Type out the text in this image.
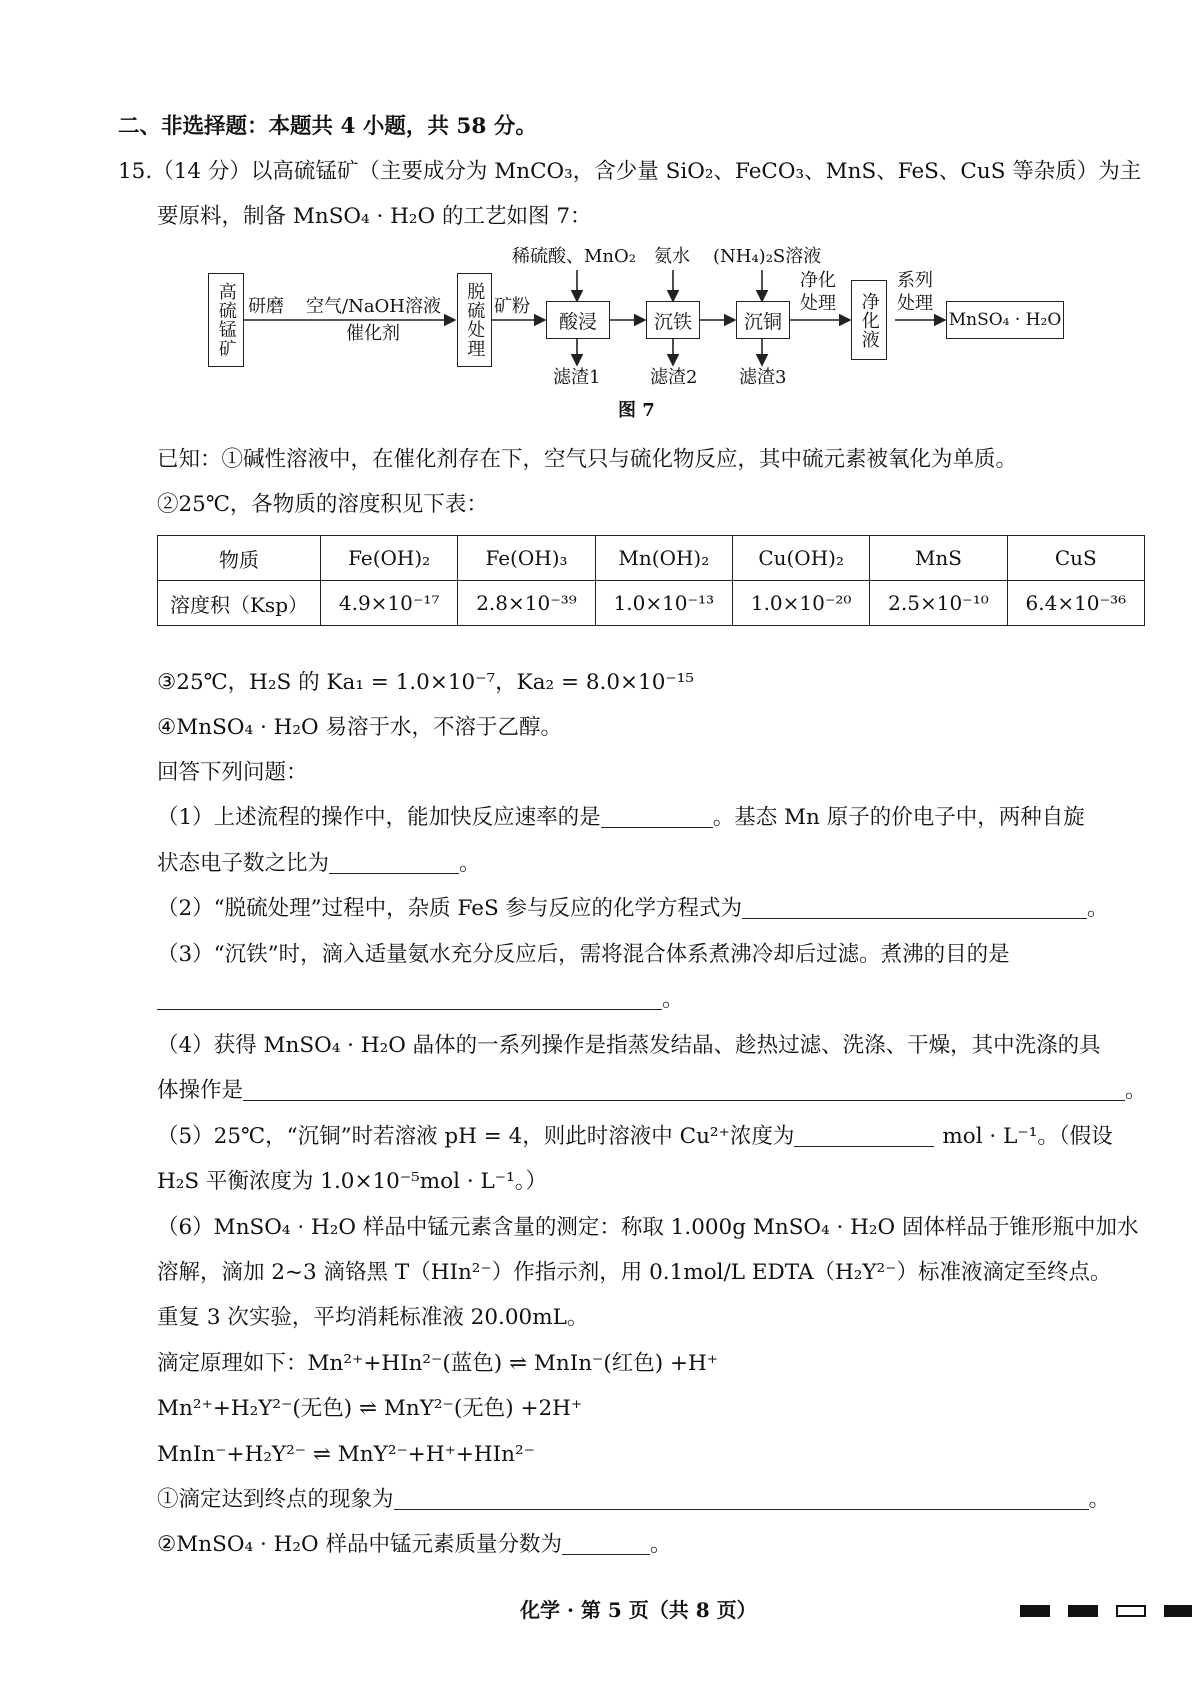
二、非选择题：本题共 4 小题，共 58 分。
15.（14 分）以高硫锰矿（主要成分为 MnCO₃，含少量 SiO₂、FeCO₃、MnS、FeS、CuS 等杂质）为主
要原料，制备 MnSO₄ · H₂O 的工艺如图 7：
高硫锰矿	脱硫处理	酸浸	沉铁	沉铜	净化液	MnSO₄ · H₂O
研磨 空气/NaOH溶液
催化剂
矿粉
稀硫酸、MnO₂ 氨水 (NH₄)₂S溶液
净化
处理
系列
处理
滤渣1	滤渣2 滤渣3
图 7
已知：①碱性溶液中，在催化剂存在下，空气只与硫化物反应，其中硫元素被氧化为单质。
②25℃，各物质的溶度积见下表：
物质	Fe(OH)₂	Fe(OH)₃	Mn(OH)₂	Cu(OH)₂	MnS	CuS
溶度积（Ksp）	4.9×10⁻¹⁷	2.8×10⁻³⁹	1.0×10⁻¹³	1.0×10⁻²⁰	2.5×10⁻¹⁰	6.4×10⁻³⁶
③25℃，H₂S 的 Ka₁ = 1.0×10⁻⁷，Ka₂ = 8.0×10⁻¹⁵
④MnSO₄ · H₂O 易溶于水，不溶于乙醇。
回答下列问题：
（1）上述流程的操作中，能加快反应速率的是	。基态 Mn 原子的价电子中，两种自旋
状态电子数之比为	。
（2）“脱硫处理”过程中，杂质 FeS 参与反应的化学方程式为	。
（3）“沉铁”时，滴入适量氨水充分反应后，需将混合体系煮沸冷却后过滤。煮沸的目的是
。
（4）获得 MnSO₄ · H₂O 晶体的一系列操作是指蒸发结晶、趁热过滤、洗涤、干燥，其中洗涤的具
体操作是	。
（5）25℃，“沉铜”时若溶液 pH = 4，则此时溶液中 Cu²⁺浓度为	mol · L⁻¹。（假设
H₂S 平衡浓度为 1.0×10⁻⁵mol · L⁻¹。）
（6）MnSO₄ · H₂O 样品中锰元素含量的测定：称取 1.000g MnSO₄ · H₂O 固体样品于锥形瓶中加水
溶解，滴加 2~3 滴铬黑 T（HIn²⁻）作指示剂，用 0.1mol/L EDTA（H₂Y²⁻）标准液滴定至终点。
重复 3 次实验，平均消耗标准液 20.00mL。
滴定原理如下：Mn²⁺+HIn²⁻(蓝色) ⇌ MnIn⁻(红色) +H⁺
Mn²⁺+H₂Y²⁻(无色) ⇌ MnY²⁻(无色) +2H⁺
MnIn⁻+H₂Y²⁻ ⇌ MnY²⁻+H⁺+HIn²⁻
①滴定达到终点的现象为	。
②MnSO₄ · H₂O 样品中锰元素质量分数为	。
化学 · 第 5 页（共 8 页）
